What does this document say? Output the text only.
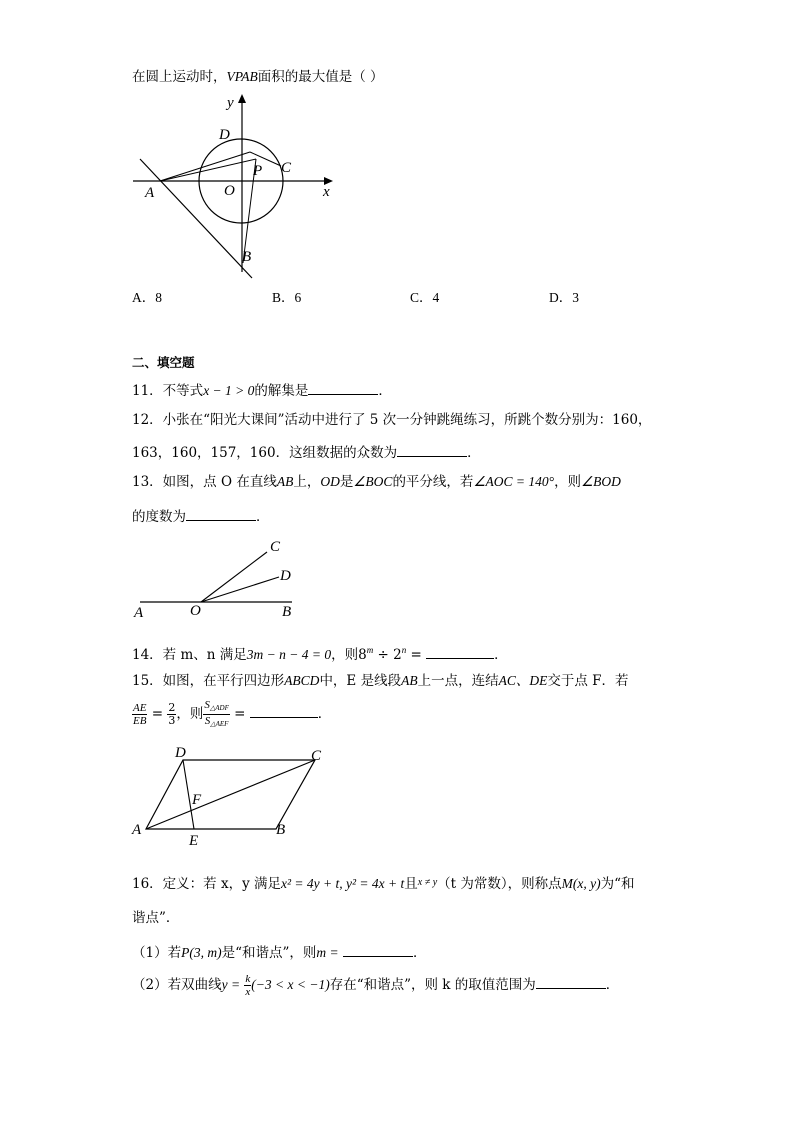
在圆上运动时，VPAB面积的最大值是（ ）
y
x
A
B
C
D
O
P
A．8	B．6	C．4	D．3
二、填空题
11．不等式x − 1 > 0的解集是	．
12．小张在“阳光大课间”活动中进行了 5 次一分钟跳绳练习，所跳个数分别为：160，
163，160，157，160．这组数据的众数为	．
13．如图，点 O 在直线AB上，OD是∠BOC的平分线，若∠AOC = 140°，则∠BOD
的度数为	．
A	O	B
C
D
14．若 m、n 满足3m − n − 4 = 0，则$8^m \div 2^n$ =	．
15．如图，在平行四边形ABCD中，E 是线段AB上一点，连结AC、DE交于点 F．若
$\frac{AE}{EB} = \frac{2}{3}$ ，则 $\frac{S_{\triangle ADF}}{S_{\triangle AEF}}$ =	．
A	B
C
D
E
F
16．定义：若 x，y 满足x² = 4y + t, y² = 4x + t且$^{x \ne y}$（t 为常数），则称点M(x, y)为“和
谐点”．
（1）若P(3, m)是“和谐点”，则m =	．
（2）若双曲线$y = \frac{k}{x} (-3 < x < -1)$存在“和谐点”，则 k 的取值范围为	．
